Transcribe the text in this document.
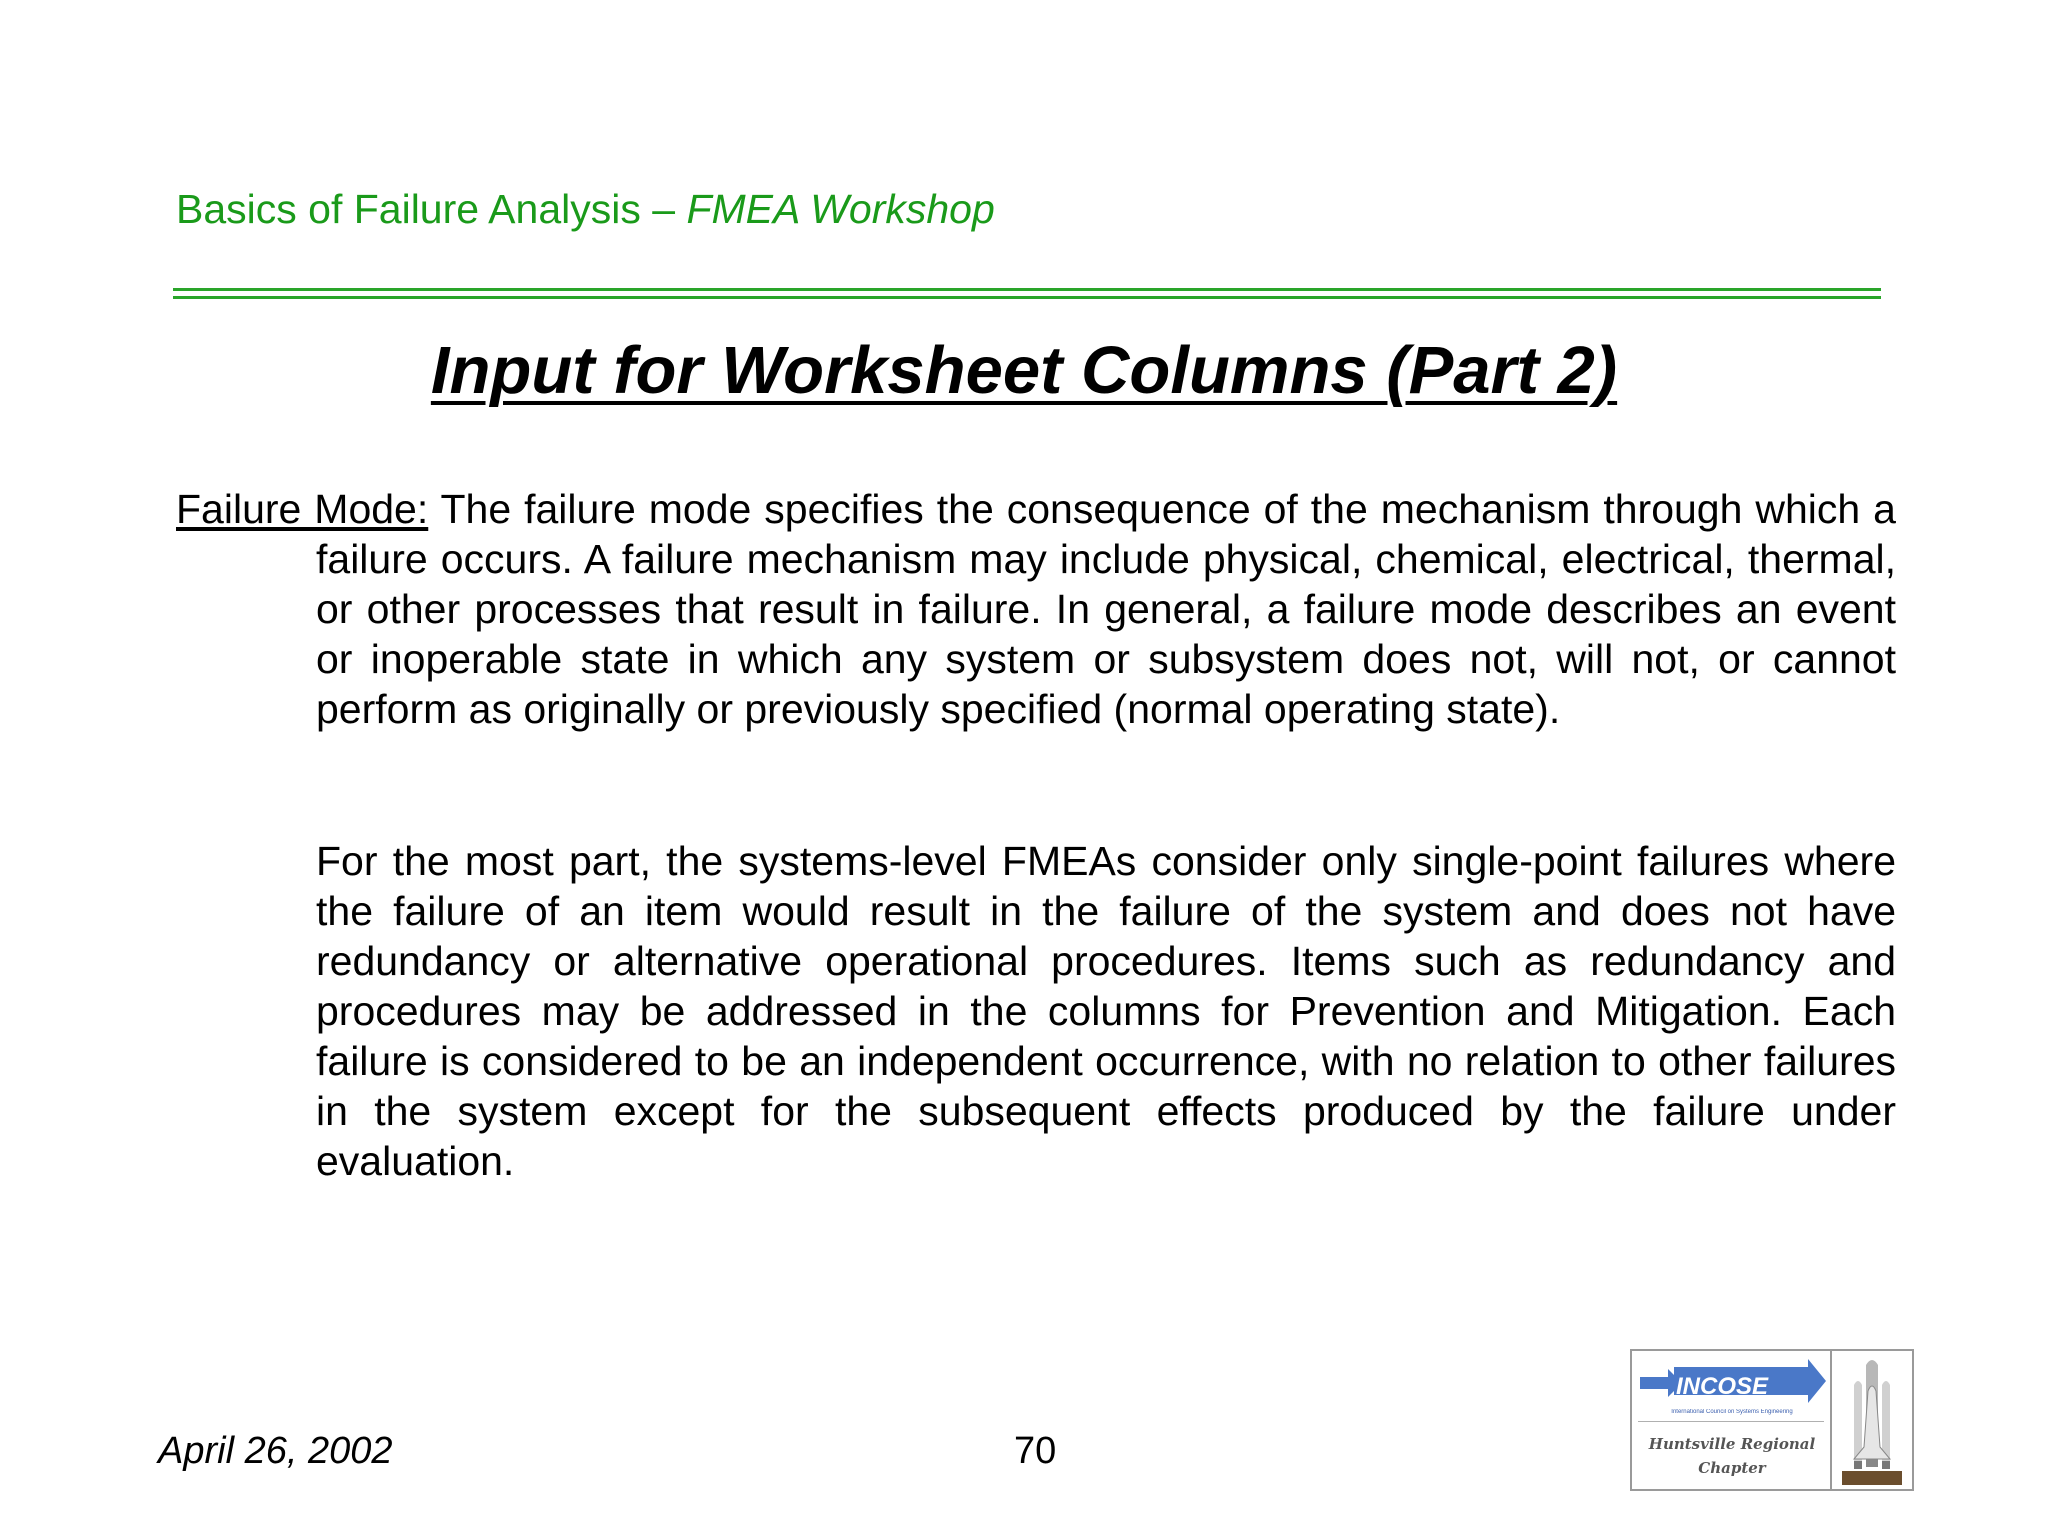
Basics of Failure Analysis – FMEA Workshop
Input for Worksheet Columns (Part 2)
Failure Mode: The failure mode specifies the consequence of the mechanism through which a failure occurs. A failure mechanism may include physical, chemical, electrical, thermal, or other processes that result in failure. In general, a failure mode describes an event or inoperable state in which any system or subsystem does not, will not, or cannot perform as originally or previously specified (normal operating state).
For the most part, the systems-level FMEAs consider only single-point failures where the failure of an item would result in the failure of the system and does not have redundancy or alternative operational procedures. Items such as redundancy and procedures may be addressed in the columns for Prevention and Mitigation. Each failure is considered to be an independent occurrence, with no relation to other failures in the system except for the subsequent effects produced by the failure under evaluation.
April 26, 2002	70
INCOSE
International Council on Systems Engineering
Huntsville Regional
Chapter
